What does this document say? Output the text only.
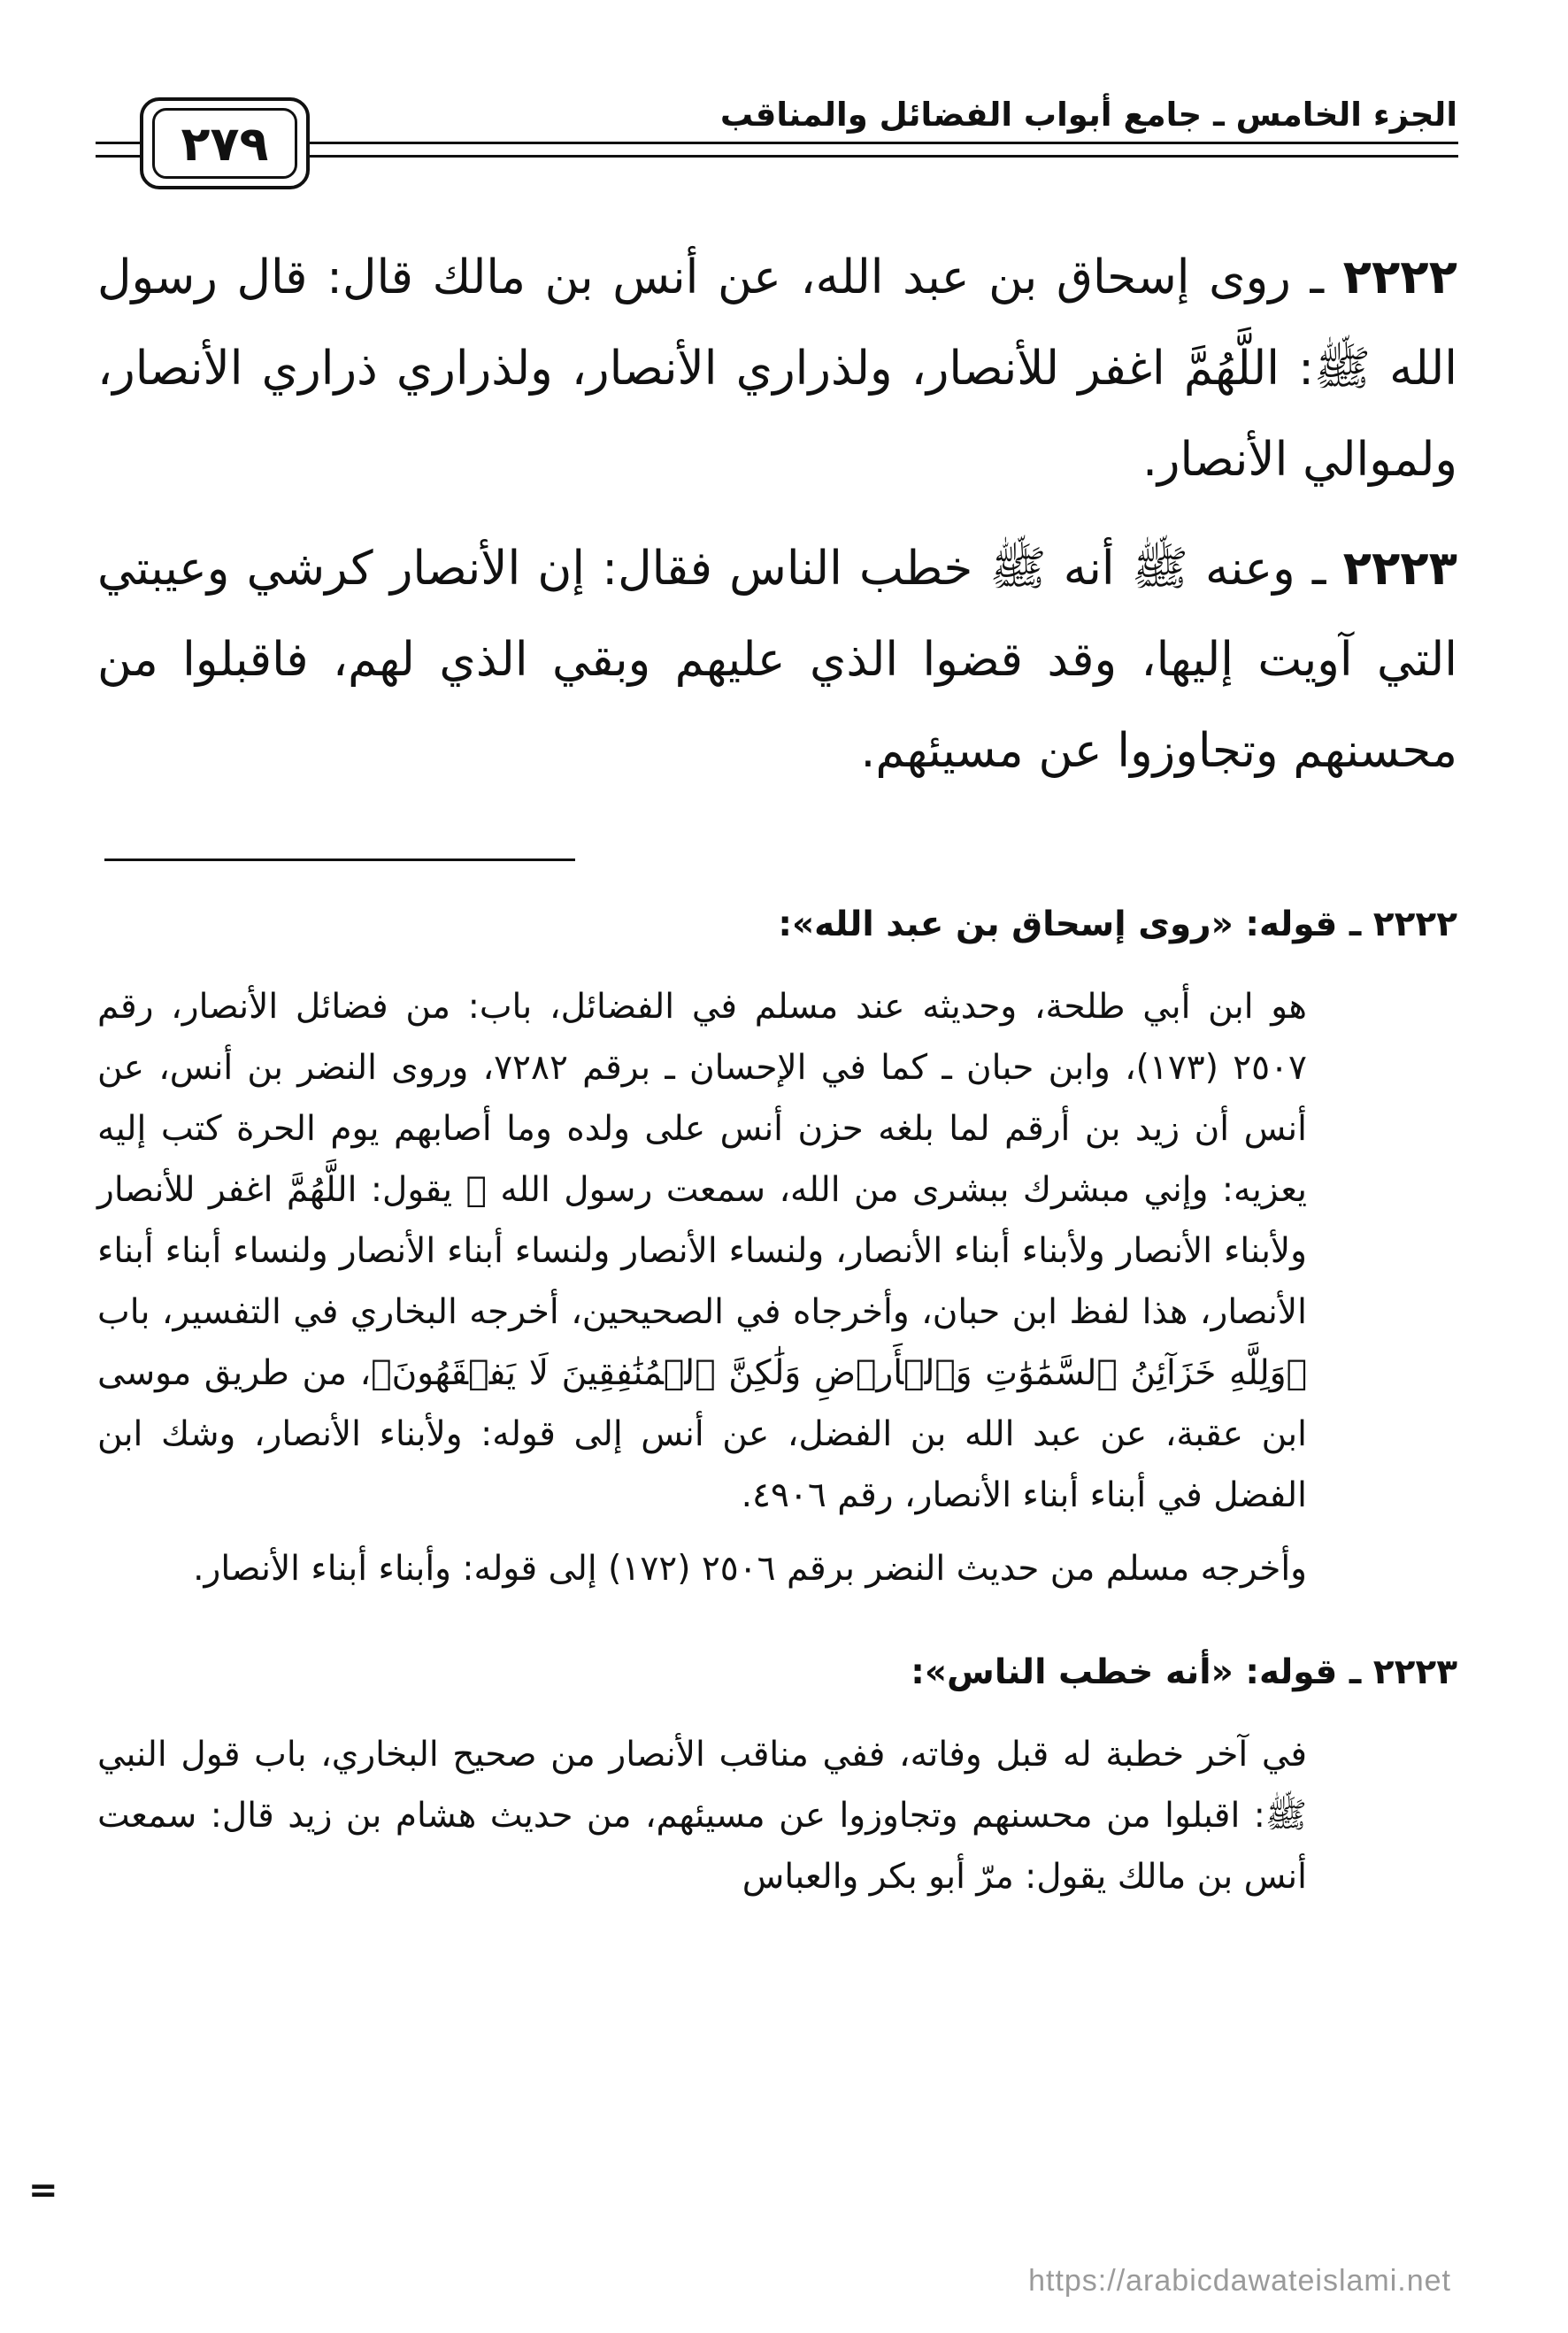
الجزء الخامس ـ جامع أبواب الفضائل والمناقب
٢٧٩

٢٢٢٢ ـ روى إسحاق بن عبد الله، عن أنس بن مالك قال: قال رسول الله ﷺ: اللَّهُمَّ اغفر للأنصار، ولذراري الأنصار، ولذراري ذراري الأنصار، ولموالي الأنصار.

٢٢٢٣ ـ وعنه ﷺ أنه ﷺ خطب الناس فقال: إن الأنصار كرشي وعيبتي التي آويت إليها، وقد قضوا الذي عليهم وبقي الذي لهم، فاقبلوا من محسنهم وتجاوزوا عن مسيئهم.

٢٢٢٢ ـ قوله: «روى إسحاق بن عبد الله»:

هو ابن أبي طلحة، وحديثه عند مسلم في الفضائل، باب: من فضائل الأنصار، رقم ٢٥٠٧ (١٧٣)، وابن حبان ـ كما في الإحسان ـ برقم ٧٢٨٢، وروى النضر بن أنس، عن أنس أن زيد بن أرقم لما بلغه حزن أنس على ولده وما أصابهم يوم الحرة كتب إليه يعزيه: وإني مبشرك ببشرى من الله، سمعت رسول الله ﷺ يقول: اللَّهُمَّ اغفر للأنصار ولأبناء الأنصار ولأبناء أبناء الأنصار، ولنساء الأنصار ولنساء أبناء الأنصار ولنساء أبناء أبناء الأنصار، هذا لفظ ابن حبان، وأخرجاه في الصحيحين، أخرجه البخاري في التفسير، باب ﴿وَلِلَّهِ خَزَآئِنُ ٱلسَّمَٰوَٰتِ وَٱلۡأَرۡضِ وَلَٰكِنَّ ٱلۡمُنَٰفِقِينَ لَا يَفۡقَهُونَ﴾، من طريق موسى ابن عقبة، عن عبد الله بن الفضل، عن أنس إلى قوله: ولأبناء الأنصار، وشك ابن الفضل في أبناء أبناء الأنصار، رقم ٤٩٠٦.

وأخرجه مسلم من حديث النضر برقم ٢٥٠٦ (١٧٢) إلى قوله: وأبناء أبناء الأنصار.

٢٢٢٣ ـ قوله: «أنه خطب الناس»:

في آخر خطبة له قبل وفاته، ففي مناقب الأنصار من صحيح البخاري، باب قول النبي ﷺ: اقبلوا من محسنهم وتجاوزوا عن مسيئهم، من حديث هشام بن زيد قال: سمعت أنس بن مالك يقول: مرّ أبو بكر والعباس

=
https://arabicdawateislami.net
